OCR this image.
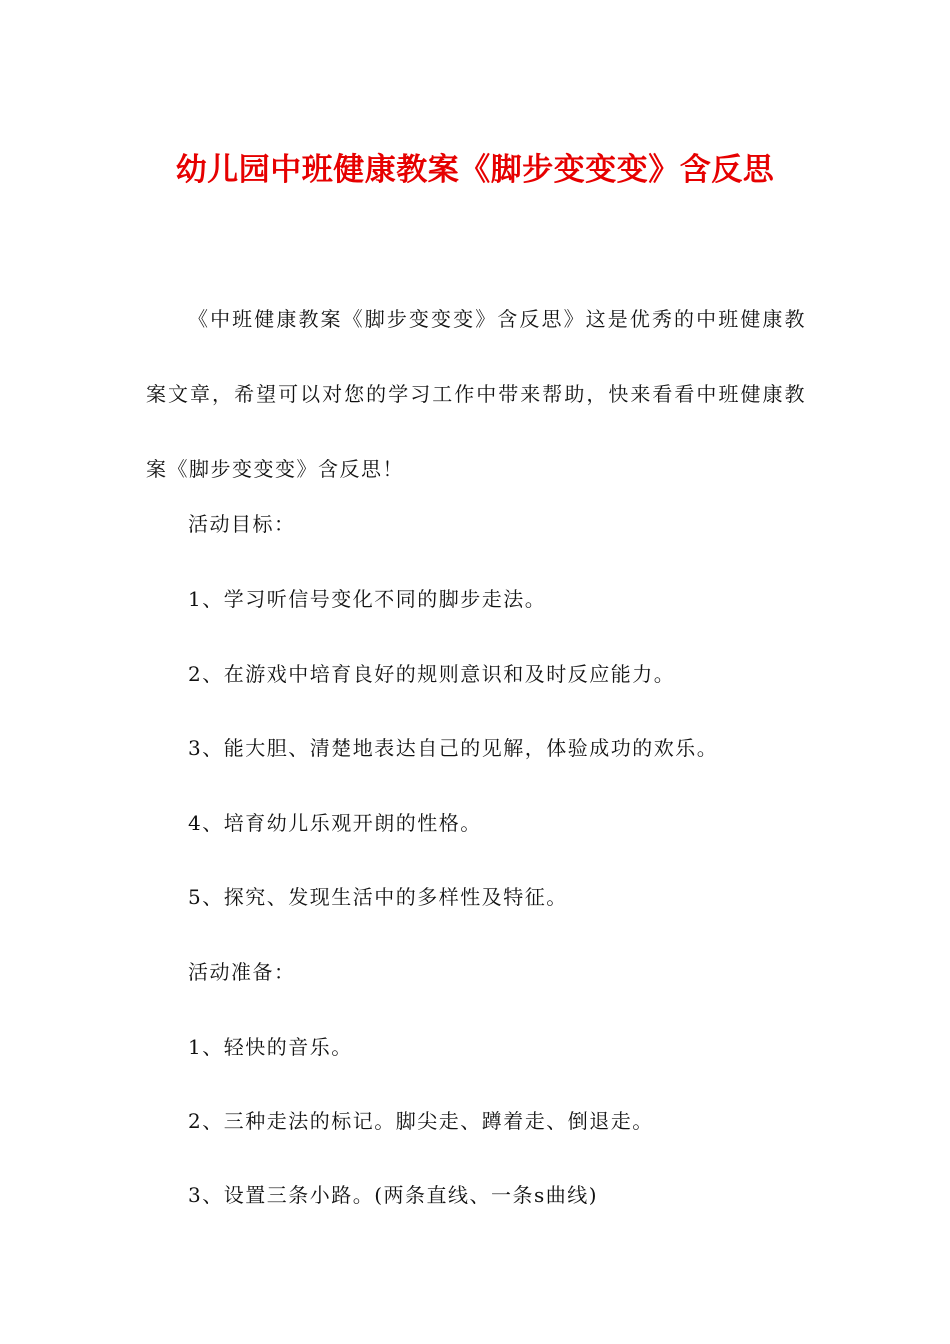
幼儿园中班健康教案《脚步变变变》含反思
《中班健康教案《脚步变变变》含反思》这是优秀的中班健康教案文章，希望可以对您的学习工作中带来帮助，快来看看中班健康教案《脚步变变变》含反思！
活动目标：
1、学习听信号变化不同的脚步走法。
2、在游戏中培育良好的规则意识和及时反应能力。
3、能大胆、清楚地表达自己的见解，体验成功的欢乐。
4、培育幼儿乐观开朗的性格。
5、探究、发现生活中的多样性及特征。
活动准备：
1、轻快的音乐。
2、三种走法的标记。脚尖走、蹲着走、倒退走。
3、设置三条小路。(两条直线、一条s曲线)
